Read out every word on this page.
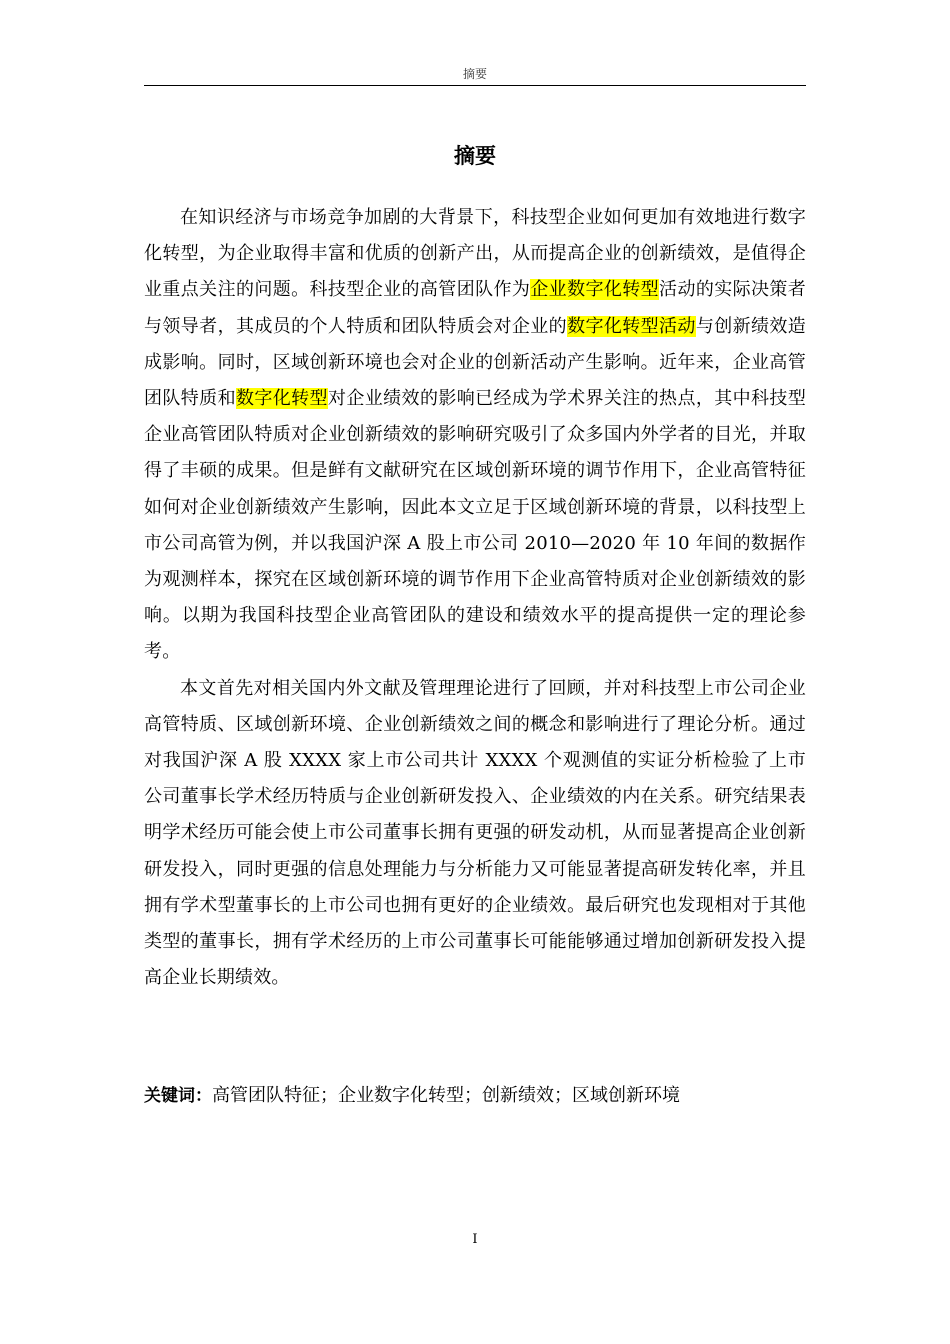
摘要
摘要

在知识经济与市场竞争加剧的大背景下，科技型企业如何更加有效地进行数字化转型，为企业取得丰富和优质的创新产出，从而提高企业的创新绩效，是值得企业重点关注的问题。科技型企业的高管团队作为企业数字化转型活动的实际决策者与领导者，其成员的个人特质和团队特质会对企业的数字化转型活动与创新绩效造成影响。同时，区域创新环境也会对企业的创新活动产生影响。近年来，企业高管团队特质和数字化转型对企业绩效的影响已经成为学术界关注的热点，其中科技型企业高管团队特质对企业创新绩效的影响研究吸引了众多国内外学者的目光，并取得了丰硕的成果。但是鲜有文献研究在区域创新环境的调节作用下，企业高管特征如何对企业创新绩效产生影响，因此本文立足于区域创新环境的背景，以科技型上市公司高管为例，并以我国沪深 A 股上市公司 2010—2020 年 10 年间的数据作为观测样本，探究在区域创新环境的调节作用下企业高管特质对企业创新绩效的影响。以期为我国科技型企业高管团队的建设和绩效水平的提高提供一定的理论参考。

本文首先对相关国内外文献及管理理论进行了回顾，并对科技型上市公司企业高管特质、区域创新环境、企业创新绩效之间的概念和影响进行了理论分析。通过对我国沪深 A 股 XXXX 家上市公司共计 XXXX 个观测值的实证分析检验了上市公司董事长学术经历特质与企业创新研发投入、企业绩效的内在关系。研究结果表明学术经历可能会使上市公司董事长拥有更强的研发动机，从而显著提高企业创新研发投入，同时更强的信息处理能力与分析能力又可能显著提高研发转化率，并且拥有学术型董事长的上市公司也拥有更好的企业绩效。最后研究也发现相对于其他类型的董事长，拥有学术经历的上市公司董事长可能能够通过增加创新研发投入提高企业长期绩效。

关键词：高管团队特征；企业数字化转型；创新绩效；区域创新环境
I
